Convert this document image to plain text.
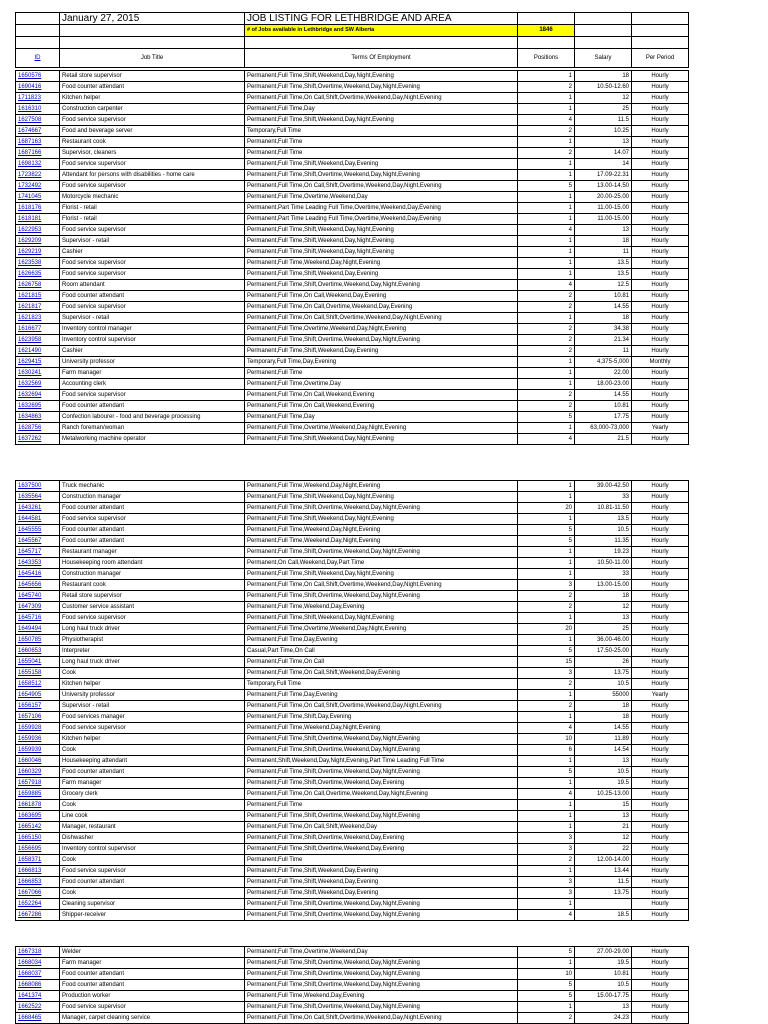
	January 27, 2015	JOB LISTING FOR LETHBRIDGE AND AREA			
		# of Jobs available in Lethbridge and SW Alberta	1846		

ID	Job Title	Terms Of Employment	Positions	Salary	Per Period
1650576	Retail store supervisor	Permanent,Full Time,Shift,Weekend,Day,Night,Evening	1	18	Hourly
1690416	Food counter attendant	Permanent,Full Time,Shift,Overtime,Weekend,Day,Night,Evening	2	10.50-12.60	Hourly
1711823	Kitchen helper	Permanent,Full Time,On Call,Shift,Overtime,Weekend,Day,Night,Evening	1	12	Hourly
1616310	Construction carpenter	Permanent,Full Time,Day	1	25	Hourly
1627508	Food service supervisor	Permanent,Full Time,Shift,Weekend,Day,Night,Evening	4	11.5	Hourly
1674667	Food and beverage server	Temporary,Full Time	2	10.25	Hourly
1687163	Restaurant cook	Permanent,Full Time	1	13	Hourly
1687166	Supervisor, cleaners	Permanent,Full Time	2	14.07	Hourly
1698132	Food service supervisor	Permanent,Full Time,Shift,Weekend,Day,Evening	1	14	Hourly
1723822	Attendant for persons with disabilities - home care	Permanent,Full Time,Shift,Overtime,Weekend,Day,Night,Evening	1	17.09-22.31	Hourly
1732492	Food service supervisor	Permanent,Full Time,On Call,Shift,Overtime,Weekend,Day,Night,Evening	5	13.00-14.50	Hourly
1741045	Motorcycle mechanic	Permanent,Full Time,Overtime,Weekend,Day	1	20.00-25.00	Hourly
1618176	Florist - retail	Permanent,Part Time Leading Full Time,Overtime,Weekend,Day,Evening	1	11.00-15.00	Hourly
1618181	Florist - retail	Permanent,Part Time Leading Full Time,Overtime,Weekend,Day,Evening	1	11.00-15.00	Hourly
1622953	Food service supervisor	Permanent,Full Time,Shift,Weekend,Day,Night,Evening	4	13	Hourly
1629209	Supervisor - retail	Permanent,Full Time,Shift,Weekend,Day,Night,Evening	1	18	Hourly
1629219	Cashier	Permanent,Full Time,Shift,Weekend,Day,Night,Evening	1	11	Hourly
1623538	Food service supervisor	Permanent,Full Time,Weekend,Day,Night,Evening	1	13.5	Hourly
1626635	Food service supervisor	Permanent,Full Time,Shift,Weekend,Day,Evening	1	13.5	Hourly
1626758	Room attendant	Permanent,Full Time,Shift,Overtime,Weekend,Day,Night,Evening	4	12.5	Hourly
1621815	Food counter attendant	Permanent,Full Time,On Call,Weekend,Day,Evening	2	10.81	Hourly
1621817	Food service supervisor	Permanent,Full Time,On Call,Overtime,Weekend,Day,Evening	2	14.55	Hourly
1621823	Supervisor - retail	Permanent,Full Time,On Call,Shift,Overtime,Weekend,Day,Night,Evening	1	18	Hourly
1616677	Inventory control manager	Permanent,Full Time,Overtime,Weekend,Day,Night,Evening	2	34.38	Hourly
1623958	Inventory control supervisor	Permanent,Full Time,Shift,Overtime,Weekend,Day,Night,Evening	2	21.34	Hourly
1621490	Cashier	Permanent,Full Time,Shift,Weekend,Day,Evening	2	11	Hourly
1629415	University professor	Temporary,Full Time,Day,Evening	1	4,375-5,000	Monthly
1630241	Farm manager	Permanent,Full Time	1	22.00	Hourly
1632569	Accounting clerk	Permanent,Full Time,Overtime,Day	1	18.00-23.00	Hourly
1632694	Food service supervisor	Permanent,Full Time,On Call,Weekend,Evening	2	14.55	Hourly
1632695	Food counter attendant	Permanent,Full Time,On Call,Weekend,Evening	2	10.81	Hourly
1634863	Confection labourer - food and beverage processing	Permanent,Full Time,Day	5	17.75	Hourly
1628756	Ranch foreman/woman	Permanent,Full Time,Overtime,Weekend,Day,Night,Evening	1	63,000-73,000	Yearly
1637262	Metalworking machine operator	Permanent,Full Time,Shift,Weekend,Day,Night,Evening	4	21.5	Hourly
1637500	Truck mechanic	Permanent,Full Time,Weekend,Day,Night,Evening	1	39.00-42.50	Hourly
1635564	Construction manager	Permanent,Full Time,Shift,Weekend,Day,Night,Evening	1	33	Hourly
1643261	Food counter attendant	Permanent,Full Time,Shift,Overtime,Weekend,Day,Night,Evening	20	10.81-11.50	Hourly
1644581	Food service supervisor	Permanent,Full Time,Shift,Weekend,Day,Night,Evening	1	13.5	Hourly
1645555	Food counter attendant	Permanent,Full Time,Weekend,Day,Night,Evening	5	10.5	Hourly
1645567	Food counter attendant	Permanent,Full Time,Weekend,Day,Night,Evening	5	11.35	Hourly
1645717	Restaurant manager	Permanent,Full Time,Shift,Overtime,Weekend,Day,Night,Evening	1	19.23	Hourly
1643353	Housekeeping room attendant	Permanent,On Call,Weekend,Day,Part Time	1	10.50-11.00	Hourly
1645416	Construction manager	Permanent,Full Time,Shift,Weekend,Day,Night,Evening	1	33	Hourly
1645656	Restaurant cook	Permanent,Full Time,On Call,Shift,Overtime,Weekend,Day,Night,Evening	3	13.00-15.00	Hourly
1645740	Retail store supervisor	Permanent,Full Time,Shift,Overtime,Weekend,Day,Night,Evening	2	18	Hourly
1647309	Customer service assistant	Permanent,Full Time,Weekend,Day,Evening	2	12	Hourly
1645716	Food service supervisor	Permanent,Full Time,Shift,Weekend,Day,Night,Evening	1	13	Hourly
1649494	Long haul truck driver	Permanent,Full Time,Overtime,Weekend,Day,Night,Evening	20	25	Hourly
1650785	Physiotherapist	Permanent,Full Time,Day,Evening	1	36.00-46.00	Hourly
1660653	Interpreter	Casual,Part Time,On Call	5	17.50-25.00	Hourly
1655041	Long haul truck driver	Permanent,Full Time,On Call	15	26	Hourly
1655158	Cook	Permanent,Full Time,On Call,Shift,Weekend,Day,Evening	3	13.75	Hourly
1658512	Kitchen helper	Temporary,Full Time	2	10.5	Hourly
1654905	University professor	Permanent,Full Time,Day,Evening	1	55000	Yearly
1656157	Supervisor - retail	Permanent,Full Time,On Call,Shift,Overtime,Weekend,Day,Night,Evening	2	18	Hourly
1657106	Food services manager	Permanent,Full Time,Shift,Day,Evening	1	18	Hourly
1659928	Food service supervisor	Permanent,Full Time,Weekend,Day,Night,Evening	4	14.55	Hourly
1659936	Kitchen helper	Permanent,Full Time,Shift,Overtime,Weekend,Day,Night,Evening	10	11.89	Hourly
1659939	Cook	Permanent,Full Time,Shift,Overtime,Weekend,Day,Night,Evening	6	14.54	Hourly
1660046	Housekeeping attendant	Permanent,Shift,Weekend,Day,Night,Evening,Part Time Leading Full Time	1	13	Hourly
1660329	Food counter attendant	Permanent,Full Time,Shift,Overtime,Weekend,Day,Night,Evening	5	10.5	Hourly
1657918	Farm manager	Permanent,Full Time,Shift,Overtime,Weekend,Day,Evening	1	19.5	Hourly
1659885	Grocery clerk	Permanent,Full Time,On Call,Overtime,Weekend,Day,Night,Evening	4	10.25-13.00	Hourly
1661878	Cook	Permanent,Full Time	1	15	Hourly
1663695	Line cook	Permanent,Full Time,Shift,Overtime,Weekend,Day,Night,Evening	1	13	Hourly
1665142	Manager, restaurant	Permanent,Full Time,On Call,Shift,Weekend,Day	1	21	Hourly
1665150	Dishwasher	Permanent,Full Time,Shift,Overtime,Weekend,Day,Evening	3	12	Hourly
1656695	Inventory control supervisor	Permanent,Full Time,Shift,Overtime,Weekend,Day,Evening	3	22	Hourly
1658371	Cook	Permanent,Full Time	2	12.00-14.00	Hourly
1666813	Food service supervisor	Permanent,Full Time,Shift,Weekend,Day,Evening	1	13.44	Hourly
1666853	Food counter attendant	Permanent,Full Time,Shift,Weekend,Day,Evening	3	11.5	Hourly
1667066	Cook	Permanent,Full Time,Shift,Weekend,Day,Evening	3	13.75	Hourly
1652264	Cleaning supervisor	Permanent,Full Time,Shift,Overtime,Weekend,Day,Night,Evening	1		Hourly
1667286	Shipper-receiver	Permanent,Full Time,Shift,Overtime,Weekend,Day,Night,Evening	4	18.5	Hourly
1667318	Welder	Permanent,Full Time,Overtime,Weekend,Day	5	27.00-29.00	Hourly
1668034	Farm manager	Permanent,Full Time,Shift,Overtime,Weekend,Day,Night,Evening	1	19.5	Hourly
1668037	Food counter attendant	Permanent,Full Time,Shift,Overtime,Weekend,Day,Night,Evening	10	10.81	Hourly
1668086	Food counter attendant	Permanent,Full Time,Shift,Overtime,Weekend,Day,Night,Evening	5	10.5	Hourly
1641374	Production worker	Permanent,Full Time,Weekend,Day,Evening	5	15.00-17.75	Hourly
1662522	Food service supervisor	Permanent,Full Time,Shift,Overtime,Weekend,Day,Night,Evening	1	13	Hourly
1668465	Manager, carpet cleaning service	Permanent,Full Time,On Call,Shift,Overtime,Weekend,Day,Night,Evening	2	24.23	Hourly
